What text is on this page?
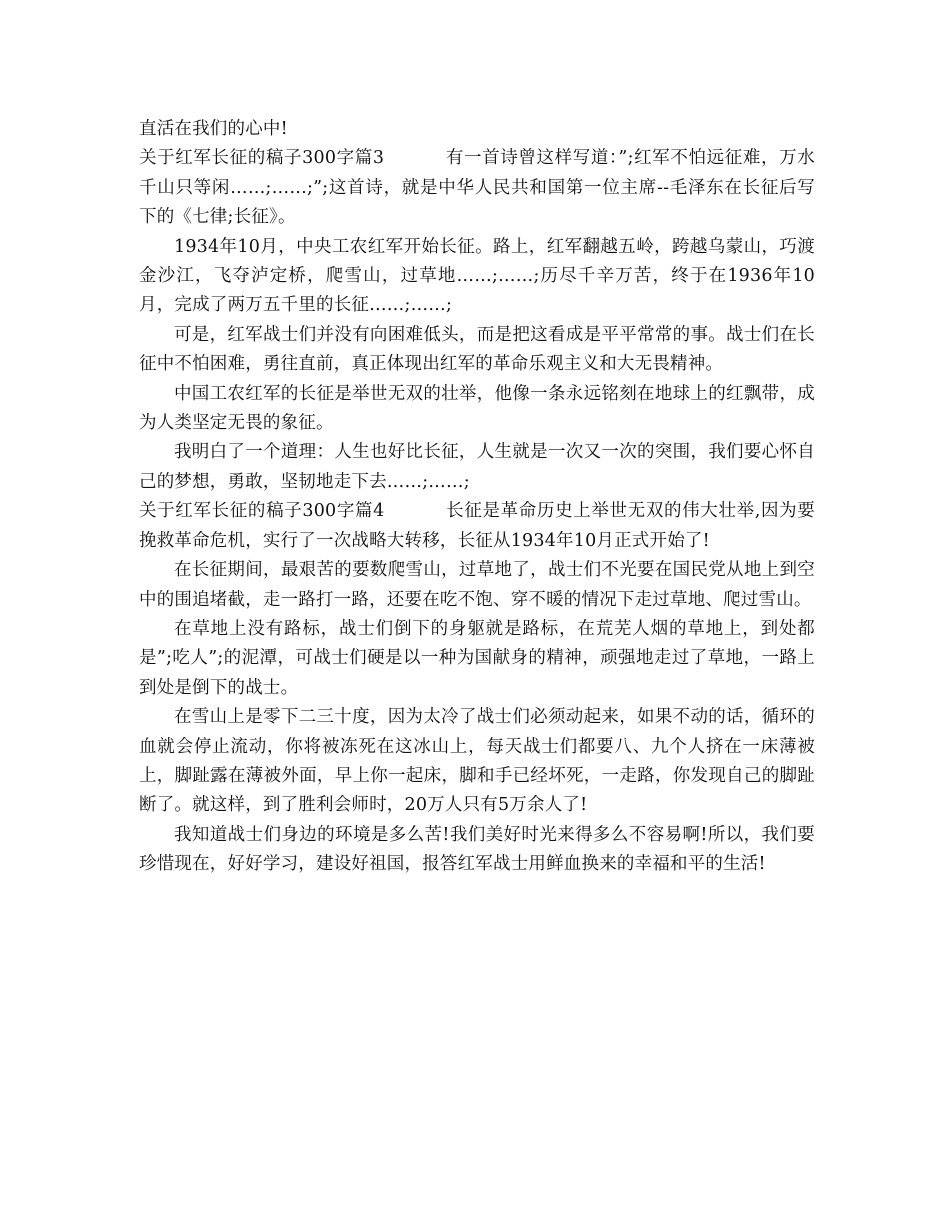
直活在我们的心中!

关于红军长征的稿子300字篇3	有一首诗曾这样写道：”;红军不怕远征难，万水千山只等闲……;……;”;这首诗，就是中华人民共和国第一位主席--毛泽东在长征后写下的《七律;长征》。

1934年10月，中央工农红军开始长征。路上，红军翻越五岭，跨越乌蒙山，巧渡金沙江，飞夺泸定桥，爬雪山，过草地……;……;历尽千辛万苦，终于在1936年10月，完成了两万五千里的长征……;……;

可是，红军战士们并没有向困难低头，而是把这看成是平平常常的事。战士们在长征中不怕困难，勇往直前，真正体现出红军的革命乐观主义和大无畏精神。

中国工农红军的长征是举世无双的壮举，他像一条永远铭刻在地球上的红飘带，成为人类坚定无畏的象征。

我明白了一个道理：人生也好比长征，人生就是一次又一次的突围，我们要心怀自己的梦想，勇敢，坚韧地走下去……;……;

关于红军长征的稿子300字篇4	长征是革命历史上举世无双的伟大壮举,因为要挽救革命危机，实行了一次战略大转移，长征从1934年10月正式开始了!

在长征期间，最艰苦的要数爬雪山，过草地了，战士们不光要在国民党从地上到空中的围追堵截，走一路打一路，还要在吃不饱、穿不暖的情况下走过草地、爬过雪山。

在草地上没有路标，战士们倒下的身躯就是路标，在荒芜人烟的草地上，到处都是”;吃人”;的泥潭，可战士们硬是以一种为国献身的精神，顽强地走过了草地，一路上到处是倒下的战士。

在雪山上是零下二三十度，因为太冷了战士们必须动起来，如果不动的话，循环的血就会停止流动，你将被冻死在这冰山上，每天战士们都要八、九个人挤在一床薄被上，脚趾露在薄被外面，早上你一起床，脚和手已经坏死，一走路，你发现自己的脚趾断了。就这样，到了胜利会师时，20万人只有5万余人了!

我知道战士们身边的环境是多么苦!我们美好时光来得多么不容易啊!所以，我们要珍惜现在，好好学习，建设好祖国，报答红军战士用鲜血换来的幸福和平的生活!
